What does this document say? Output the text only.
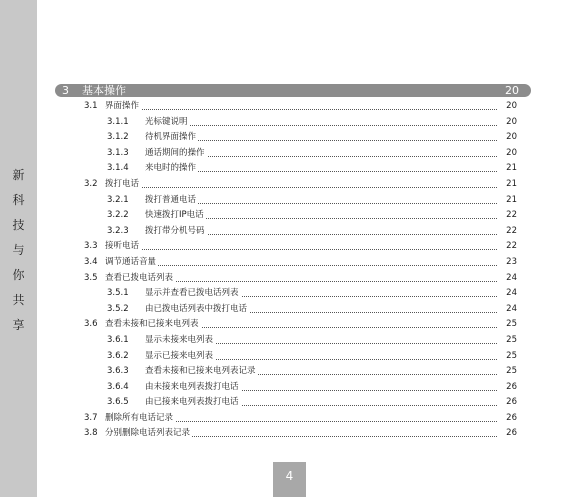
新
科
技
与
你
共
享
3 基本操作	20
3.1 界面操作	20
3.1.1 光标键说明	20
3.1.2 待机界面操作	20
3.1.3 通话期间的操作	20
3.1.4 来电时的操作	21
3.2 拨打电话	21
3.2.1 拨打普通电话	21
3.2.2 快速拨打IP电话	22
3.2.3 拨打带分机号码	22
3.3 接听电话	22
3.4 调节通话音量	23
3.5 查看已拨电话列表	24
3.5.1 显示并查看已拨电话列表	24
3.5.2 由已拨电话列表中拨打电话	24
3.6 查看未接和已接来电列表	25
3.6.1 显示未接来电列表	25
3.6.2 显示已接来电列表	25
3.6.3 查看未接和已接来电列表记录	25
3.6.4 由未接来电列表拨打电话	26
3.6.5 由已接来电列表拨打电话	26
3.7 删除所有电话记录	26
3.8 分别删除电话列表记录	26
4
